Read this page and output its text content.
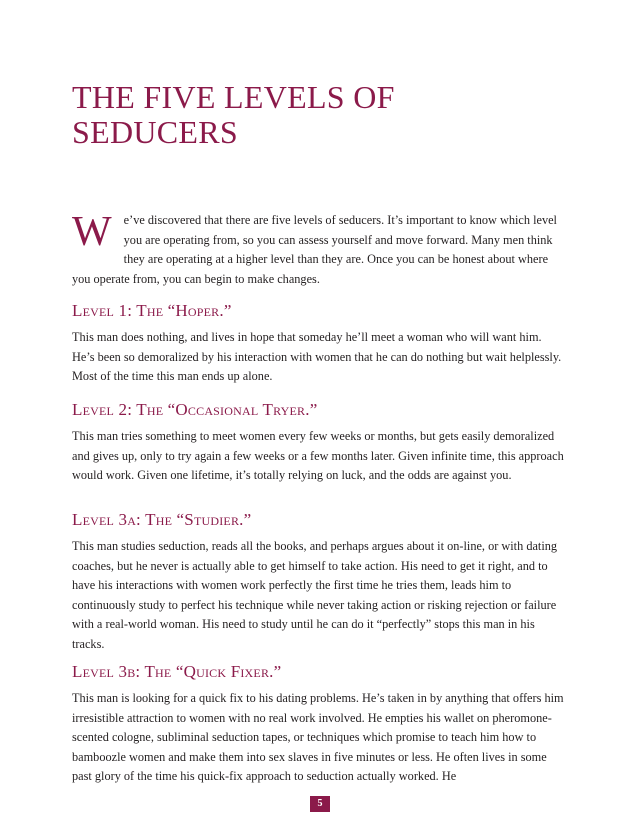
THE FIVE LEVELS OF
SEDUCERS

We’ve discovered that there are five levels of seducers. It’s important to know which level you are operating from, so you can assess yourself and move forward. Many men think they are operating at a higher level than they are. Once you can be honest about where you operate from, you can begin to make changes.

Level 1: The “Hoper.”

This man does nothing, and lives in hope that someday he’ll meet a woman who will want him. He’s been so demoralized by his interaction with women that he can do nothing but wait helplessly. Most of the time this man ends up alone.

Level 2: The “Occasional Tryer.”

This man tries something to meet women every few weeks or months, but gets easily demoralized and gives up, only to try again a few weeks or a few months later. Given infinite time, this approach would work. Given one lifetime, it’s totally relying on luck, and the odds are against you.

Level 3a: The “Studier.”

This man studies seduction, reads all the books, and perhaps argues about it on-line, or with dating coaches, but he never is actually able to get himself to take action. His need to get it right, and to have his interactions with women work perfectly the first time he tries them, leads him to continuously study to perfect his technique while never taking action or risking rejection or failure with a real-world woman. His need to study until he can do it “perfectly” stops this man in his tracks.

Level 3b: The “Quick Fixer.”

This man is looking for a quick fix to his dating problems. He’s taken in by anything that offers him irresistible attraction to women with no real work involved. He empties his wallet on pheromone-scented cologne, subliminal seduction tapes, or techniques which promise to teach him how to bamboozle women and make them into sex slaves in five minutes or less. He often lives in some past glory of the time his quick-fix approach to seduction actually worked. He

5
